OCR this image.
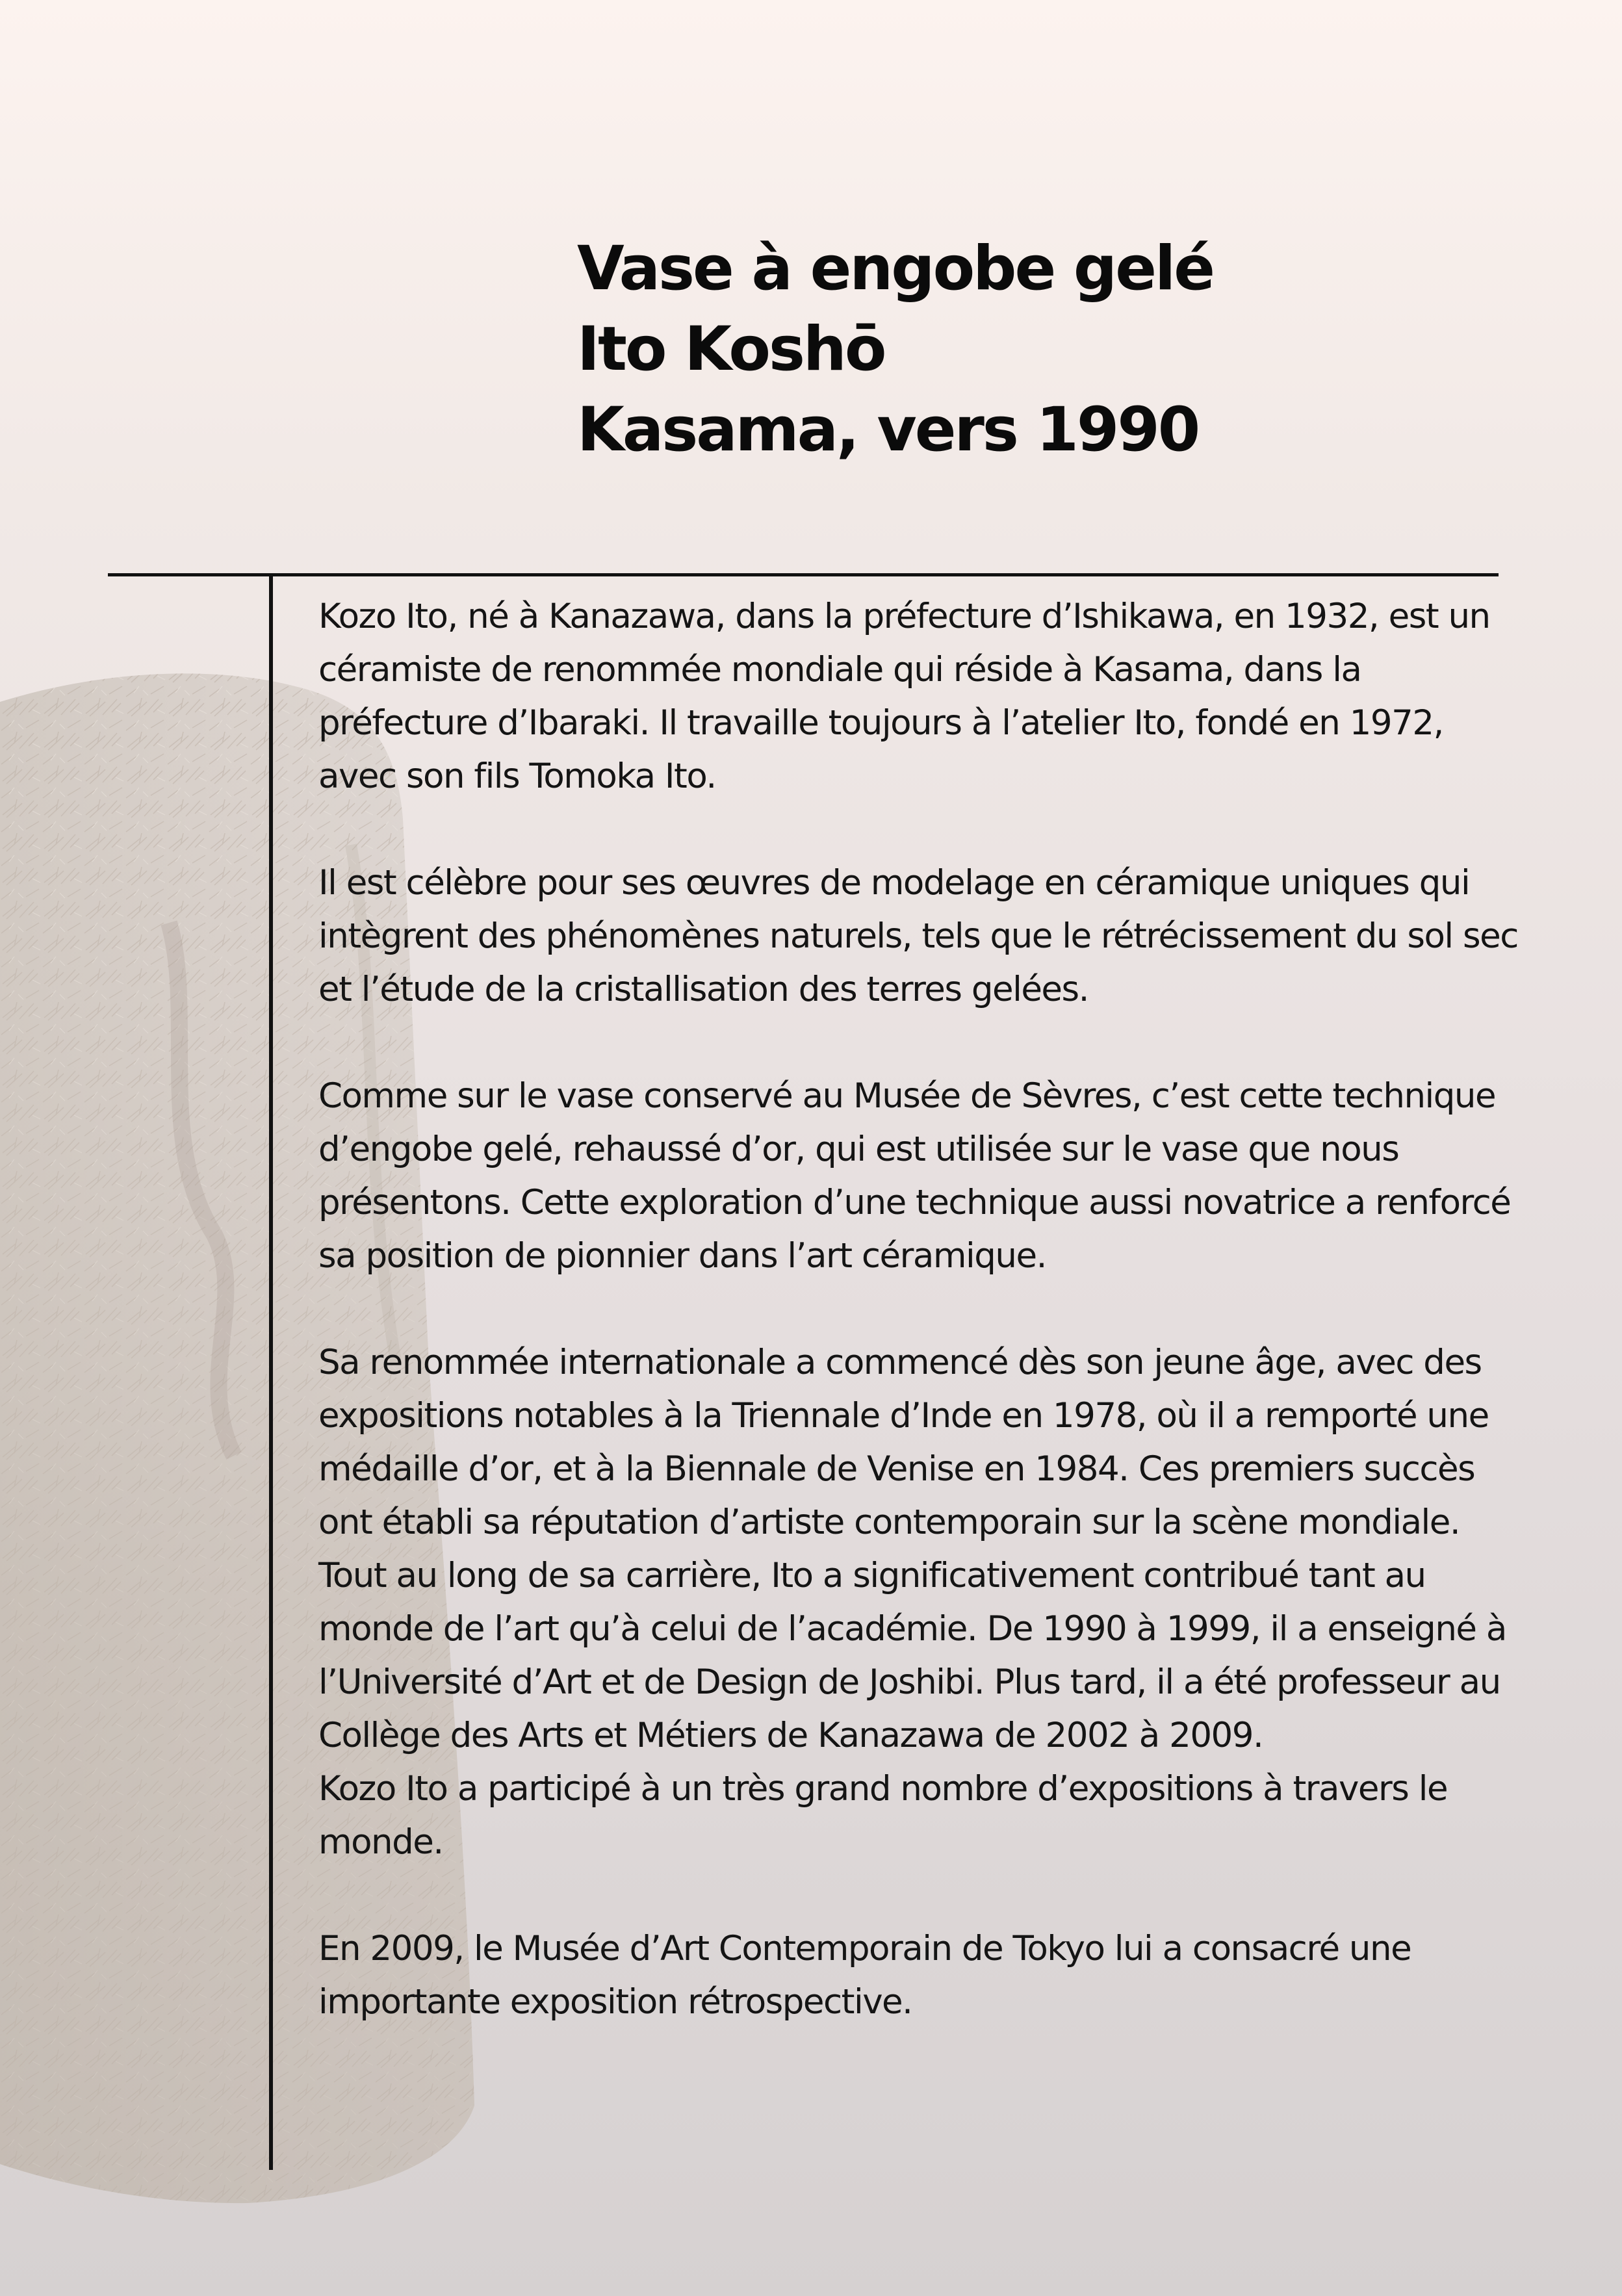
Vase à engobe gelé
Ito Koshō
Kasama, vers 1990

Kozo Ito, né à Kanazawa, dans la préfecture d’Ishikawa, en 1932, est un céramiste de renommée mondiale qui réside à Kasama, dans la préfecture d’Ibaraki. Il travaille toujours à l’atelier Ito, fondé en 1972, avec son fils Tomoka Ito.

Il est célèbre pour ses œuvres de modelage en céramique uniques qui intègrent des phénomènes naturels, tels que le rétrécissement du sol sec et l’étude de la cristallisation des terres gelées.

Comme sur le vase conservé au Musée de Sèvres, c’est cette technique d’engobe gelé, rehaussé d’or, qui est utilisée sur le vase que nous présentons. Cette exploration d’une technique aussi novatrice a renforcé sa position de pionnier dans l’art céramique.

Sa renommée internationale a commencé dès son jeune âge, avec des expositions notables à la Triennale d’Inde en 1978, où il a remporté une médaille d’or, et à la Biennale de Venise en 1984. Ces premiers succès ont établi sa réputation d’artiste contemporain sur la scène mondiale.

Tout au long de sa carrière, Ito a significativement contribué tant au monde de l’art qu’à celui de l’académie. De 1990 à 1999, il a enseigné à l’Université d’Art et de Design de Joshibi. Plus tard, il a été professeur au Collège des Arts et Métiers de Kanazawa de 2002 à 2009.

Kozo Ito a participé à un très grand nombre d’expositions à travers le monde.

En 2009, le Musée d’Art Contemporain de Tokyo lui a consacré une importante exposition rétrospective.
